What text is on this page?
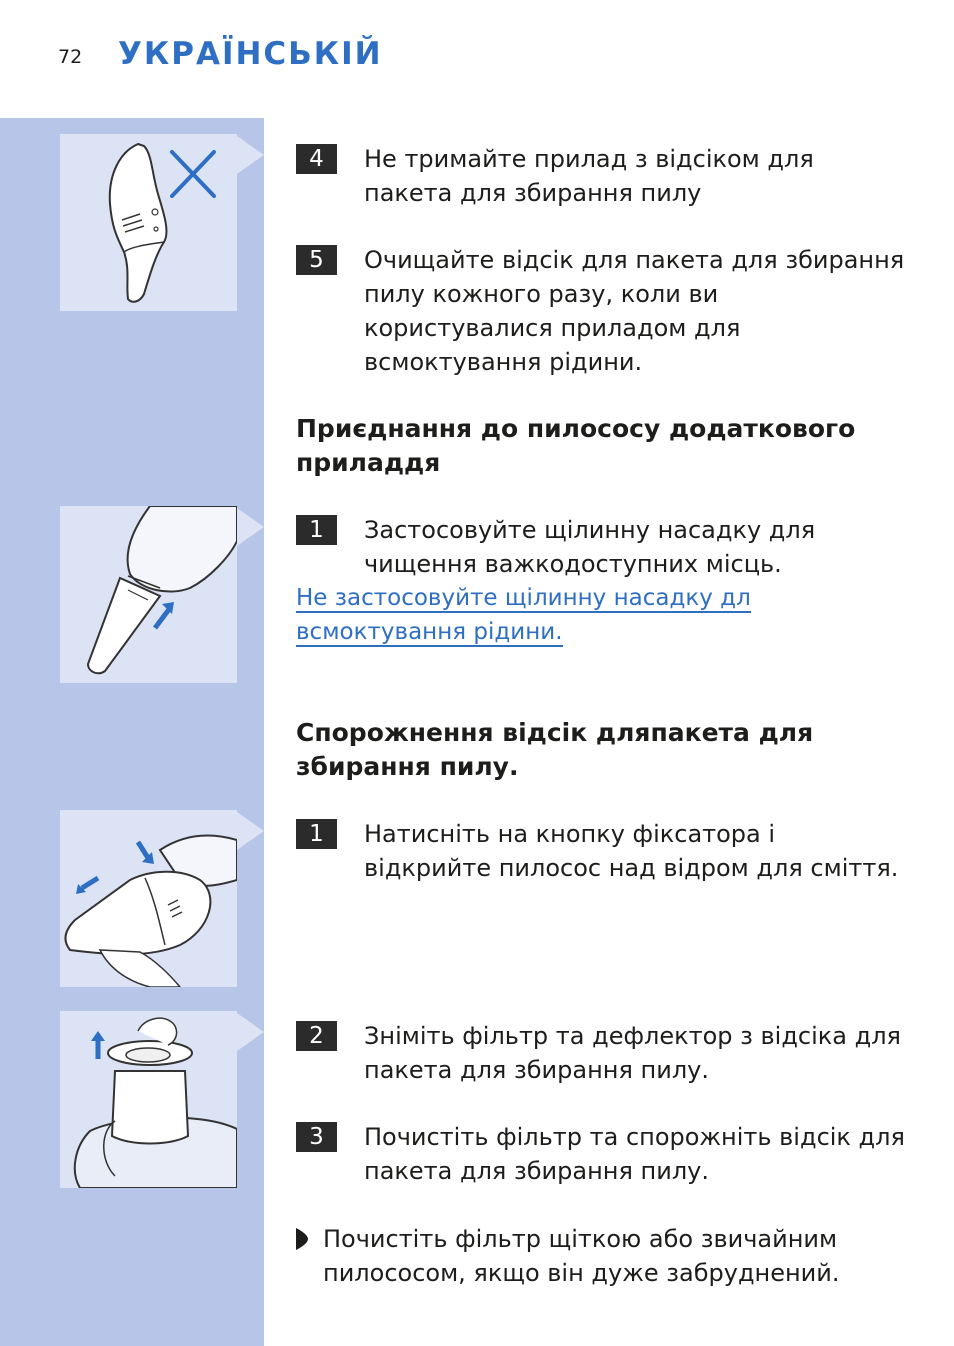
72 УКРАЇНСЬКІЙ
4	Не тримайте прилад з відсіком для пакета для збирання пилу

5	Очищайте відсік для пакета для збирання пилу кожного разу, коли ви користувалися приладом для всмоктування рідини.

Приєднання до пилососу додаткового приладдя
1	Застосовуйте щілинну насадку для чищення важкодоступних місць.

Не застосовуйте щілинну насадку дл
всмоктування рідини.

Спорожнення відсік дляпакета для збирання пилу.
1	Натисніть на кнопку фіксатора і відкрийте пилосос над відром для сміття.

2	Зніміть фільтр та дефлектор з відсіка для пакета для збирання пилу.

3	Почистіть фільтр та спорожніть відсік для пакета для збирання пилу.

Почистіть фільтр щіткою або звичайним пилососом, якщо він дуже забруднений.
